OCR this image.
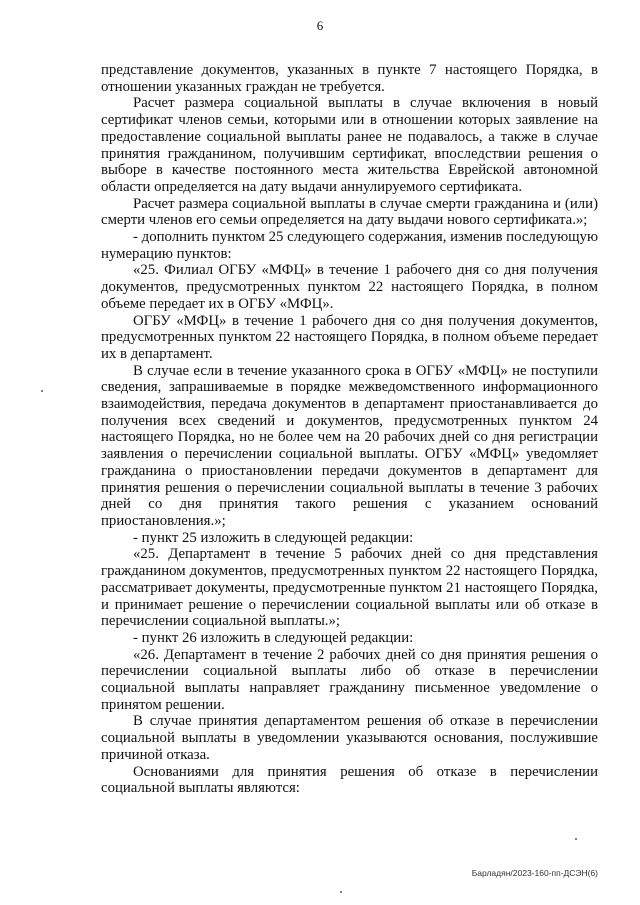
6

представление документов, указанных в пункте 7 настоящего Порядка, в отношении указанных граждан не требуется.

Расчет размера социальной выплаты в случае включения в новый сертификат членов семьи, которыми или в отношении которых заявление на предоставление социальной выплаты ранее не подавалось, а также в случае принятия гражданином, получившим сертификат, впоследствии решения о выборе в качестве постоянного места жительства Еврейской автономной области определяется на дату выдачи аннулируемого сертификата.

Расчет размера социальной выплаты в случае смерти гражданина и (или) смерти членов его семьи определяется на дату выдачи нового сертификата.»;

- дополнить пунктом 25 следующего содержания, изменив последующую нумерацию пунктов:

«25. Филиал ОГБУ «МФЦ» в течение 1 рабочего дня со дня получения документов, предусмотренных пунктом 22 настоящего Порядка, в полном объеме передает их в ОГБУ «МФЦ».

ОГБУ «МФЦ» в течение 1 рабочего дня со дня получения документов, предусмотренных пунктом 22 настоящего Порядка, в полном объеме передает их в департамент.

В случае если в течение указанного срока в ОГБУ «МФЦ» не поступили сведения, запрашиваемые в порядке межведомственного информационного взаимодействия, передача документов в департамент приостанавливается до получения всех сведений и документов, предусмотренных пунктом 24 настоящего Порядка, но не более чем на 20 рабочих дней со дня регистрации заявления о перечислении социальной выплаты. ОГБУ «МФЦ» уведомляет гражданина о приостановлении передачи документов в департамент для принятия решения о перечислении социальной выплаты в течение 3 рабочих дней со дня принятия такого решения с указанием оснований приостановления.»;

- пункт 25 изложить в следующей редакции:

«25. Департамент в течение 5 рабочих дней со дня представления гражданином документов, предусмотренных пунктом 22 настоящего Порядка, рассматривает документы, предусмотренные пунктом 21 настоящего Порядка, и принимает решение о перечислении социальной выплаты или об отказе в перечислении социальной выплаты.»;

- пункт 26 изложить в следующей редакции:

«26. Департамент в течение 2 рабочих дней со дня принятия решения о перечислении социальной выплаты либо об отказе в перечислении социальной выплаты направляет гражданину письменное уведомление о принятом решении.

В случае принятия департаментом решения об отказе в перечислении социальной выплаты в уведомлении указываются основания, послужившие причиной отказа.

Основаниями для принятия решения об отказе в перечислении социальной выплаты являются:

Барладян/2023-160-пп-ДСЭН(6)
